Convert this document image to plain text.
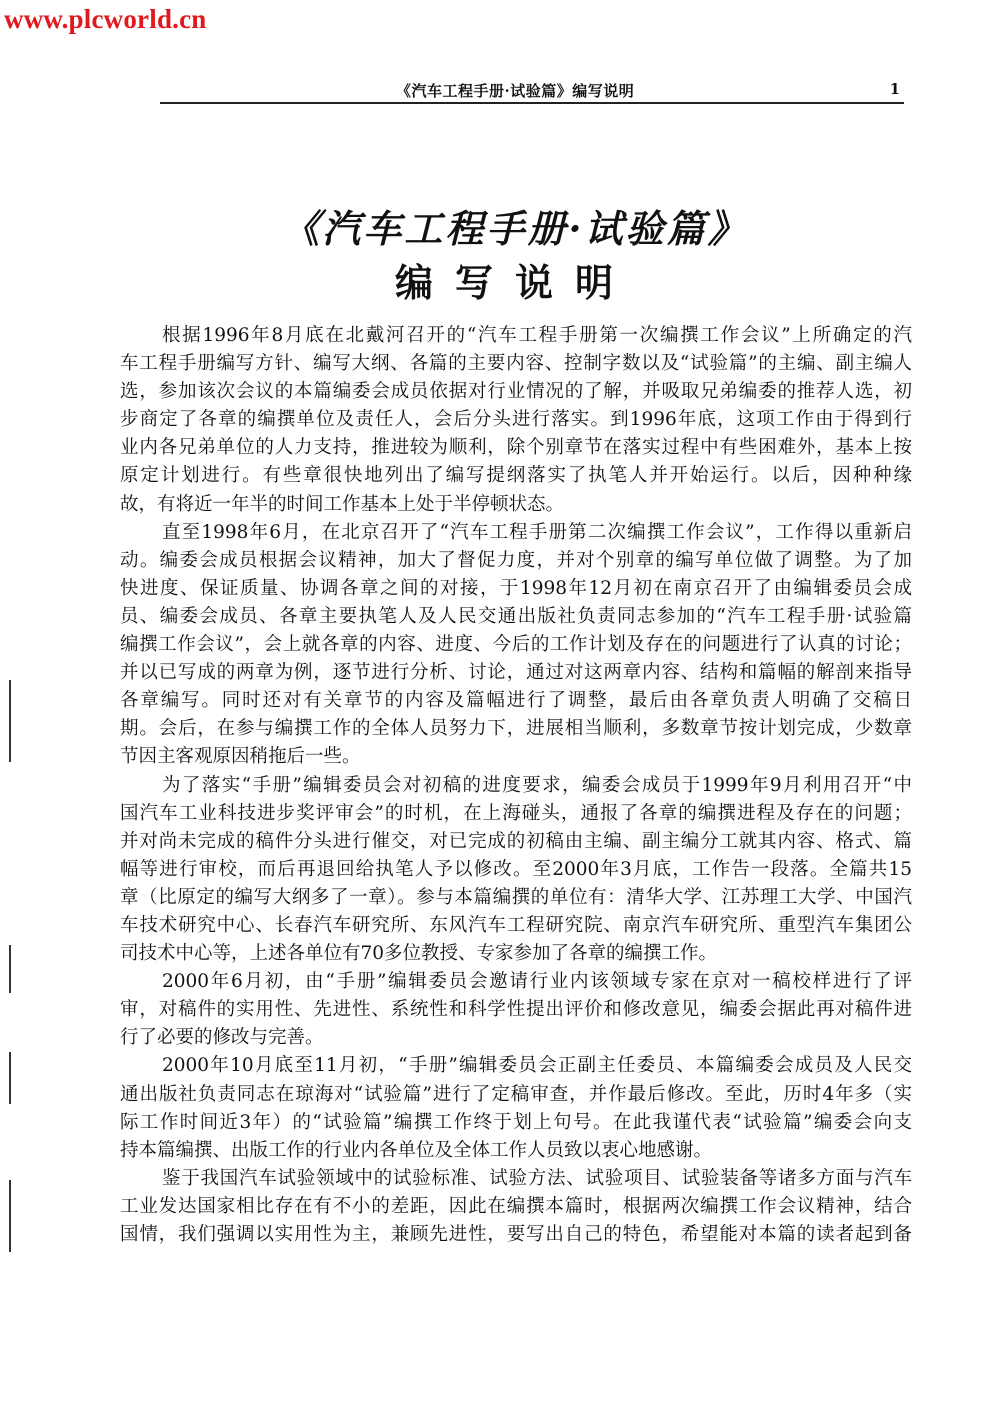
www.plcworld.cn
《汽车工程手册·试验篇》编写说明	1
《汽车工程手册·试验篇》
编写说明
根据1996年8月底在北戴河召开的“汽车工程手册第一次编撰工作会议”上所确定的汽
车工程手册编写方针、编写大纲、各篇的主要内容、控制字数以及“试验篇”的主编、副主编人
选，参加该次会议的本篇编委会成员依据对行业情况的了解，并吸取兄弟编委的推荐人选，初
步商定了各章的编撰单位及责任人，会后分头进行落实。到1996年底，这项工作由于得到行
业内各兄弟单位的人力支持，推进较为顺利，除个别章节在落实过程中有些困难外，基本上按
原定计划进行。有些章很快地列出了编写提纲落实了执笔人并开始运行。以后，因种种缘
故，有将近一年半的时间工作基本上处于半停顿状态。
直至1998年6月，在北京召开了“汽车工程手册第二次编撰工作会议”，工作得以重新启
动。编委会成员根据会议精神，加大了督促力度，并对个别章的编写单位做了调整。为了加
快进度、保证质量、协调各章之间的对接，于1998年12月初在南京召开了由编辑委员会成
员、编委会成员、各章主要执笔人及人民交通出版社负责同志参加的“汽车工程手册·试验篇
编撰工作会议”，会上就各章的内容、进度、今后的工作计划及存在的问题进行了认真的讨论；
并以已写成的两章为例，逐节进行分析、讨论，通过对这两章内容、结构和篇幅的解剖来指导
各章编写。同时还对有关章节的内容及篇幅进行了调整，最后由各章负责人明确了交稿日
期。会后，在参与编撰工作的全体人员努力下，进展相当顺利，多数章节按计划完成，少数章
节因主客观原因稍拖后一些。
为了落实“手册”编辑委员会对初稿的进度要求，编委会成员于1999年9月利用召开“中
国汽车工业科技进步奖评审会”的时机，在上海碰头，通报了各章的编撰进程及存在的问题；
并对尚未完成的稿件分头进行催交，对已完成的初稿由主编、副主编分工就其内容、格式、篇
幅等进行审校，而后再退回给执笔人予以修改。至2000年3月底，工作告一段落。全篇共15
章（比原定的编写大纲多了一章）。参与本篇编撰的单位有：清华大学、江苏理工大学、中国汽
车技术研究中心、长春汽车研究所、东风汽车工程研究院、南京汽车研究所、重型汽车集团公
司技术中心等，上述各单位有70多位教授、专家参加了各章的编撰工作。
2000年6月初，由“手册”编辑委员会邀请行业内该领域专家在京对一稿校样进行了评
审，对稿件的实用性、先进性、系统性和科学性提出评价和修改意见，编委会据此再对稿件进
行了必要的修改与完善。
2000年10月底至11月初，“手册”编辑委员会正副主任委员、本篇编委会成员及人民交
通出版社负责同志在琼海对“试验篇”进行了定稿审查，并作最后修改。至此，历时4年多（实
际工作时间近3年）的“试验篇”编撰工作终于划上句号。在此我谨代表“试验篇”编委会向支
持本篇编撰、出版工作的行业内各单位及全体工作人员致以衷心地感谢。
鉴于我国汽车试验领域中的试验标准、试验方法、试验项目、试验装备等诸多方面与汽车
工业发达国家相比存在有不小的差距，因此在编撰本篇时，根据两次编撰工作会议精神，结合
国情，我们强调以实用性为主，兼顾先进性，要写出自己的特色，希望能对本篇的读者起到备
